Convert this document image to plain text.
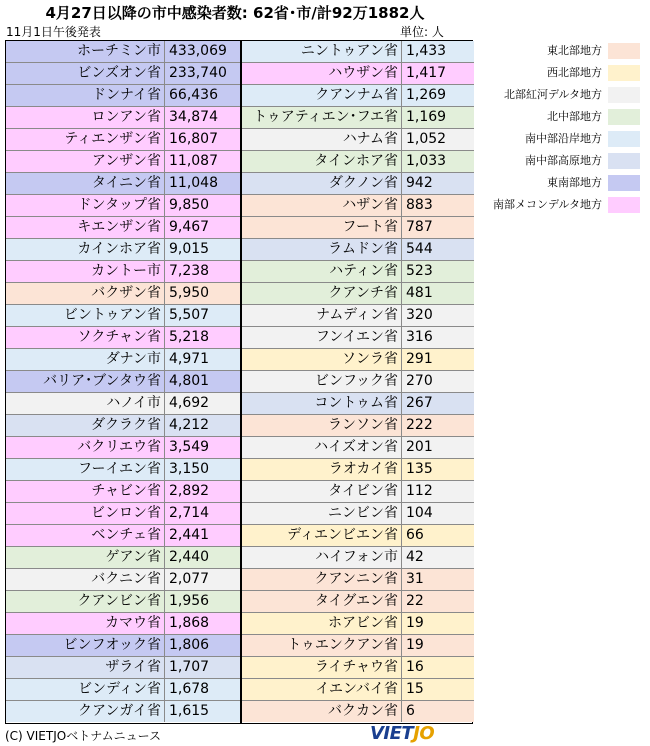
4月27日以降の市中感染者数: 62省･市/計92万1882人
11月1日午後発表	単位: 人
ホーチミン市 433,069
ビンズオン省 233,740
ドンナイ省 66,436
ロンアン省 34,874
ティエンザン省 16,807
アンザン省 11,087
タイニン省 11,048
ドンタップ省 9,850
キエンザン省 9,467
カインホア省 9,015
カントー市 7,238
バクザン省 5,950
ビントゥアン省 5,507
ソクチャン省 5,218
ダナン市 4,971
バリア･ブンタウ省 4,801
ハノイ市 4,692
ダクラク省 4,212
バクリエウ省 3,549
フーイエン省 3,150
チャビン省 2,892
ビンロン省 2,714
ベンチェ省 2,441
ゲアン省 2,440
バクニン省 2,077
クアンビン省 1,956
カマウ省 1,868
ビンフオック省 1,806
ザライ省 1,707
ビンディン省 1,678
クアンガイ省 1,615
ニントゥアン省 1,433
ハウザン省 1,417
クアンナム省 1,269
トゥアティエン･フエ省 1,169
ハナム省 1,052
タインホア省 1,033
ダクノン省 942
ハザン省 883
フート省 787
ラムドン省 544
ハティン省 523
クアンチ省 481
ナムディン省 320
フンイエン省 316
ソンラ省 291
ビンフック省 270
コントゥム省 267
ランソン省 222
ハイズオン省 201
ラオカイ省 135
タイビン省 112
ニンビン省 104
ディエンビエン省 66
ハイフォン市 42
クアンニン省 31
タイグエン省 22
ホアビン省 19
トゥエンクアン省 19
ライチャウ省 16
イエンバイ省 15
バクカン省 6
東北部地方
西北部地方
北部紅河デルタ地方
北中部地方
南中部沿岸地方
南中部高原地方
東南部地方
南部メコンデルタ地方
(C) VIETJOベトナムニュース	VIETJO
